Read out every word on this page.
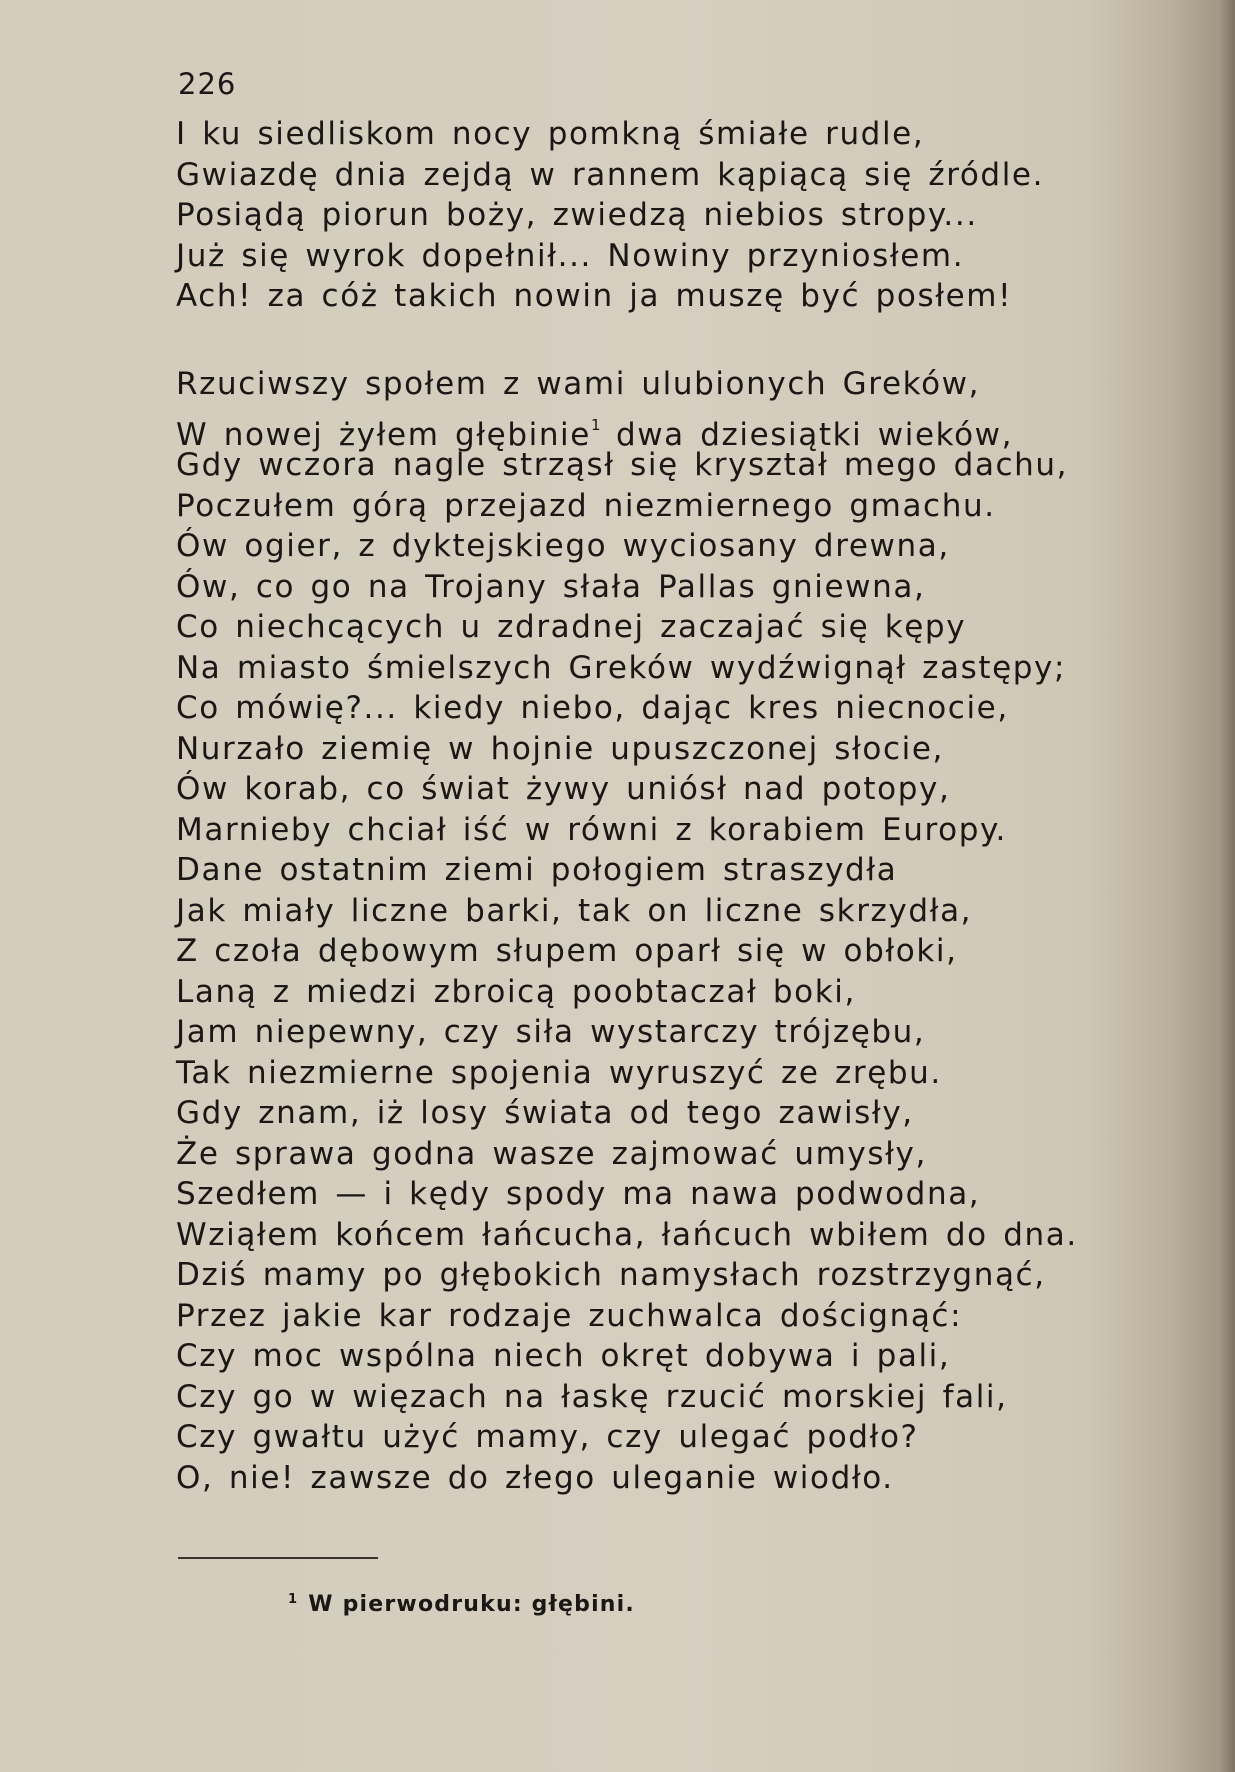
226
I ku siedliskom nocy pomkną śmiałe rudle,
Gwiazdę dnia zejdą w rannem kąpiącą się źródle.
Posiądą piorun boży, zwiedzą niebios stropy...
Już się wyrok dopełnił... Nowiny przyniosłem.
Ach! za cóż takich nowin ja muszę być posłem!
Rzuciwszy społem z wami ulubionych Greków,
W nowej żyłem głębinie$^1$ dwa dziesiątki wieków,
Gdy wczora nagle strząsł się kryształ mego dachu,
Poczułem górą przejazd niezmiernego gmachu.
Ów ogier, z dyktejskiego wyciosany drewna,
Ów, co go na Trojany słała Pallas gniewna,
Co niechcących u zdradnej zaczajać się kępy
Na miasto śmielszych Greków wydźwignął zastępy;
Co mówię?... kiedy niebo, dając kres niecnocie,
Nurzało ziemię w hojnie upuszczonej słocie,
Ów korab, co świat żywy uniósł nad potopy,
Marnieby chciał iść w równi z korabiem Europy.
Dane ostatnim ziemi połogiem straszydła
Jak miały liczne barki, tak on liczne skrzydła,
Z czoła dębowym słupem oparł się w obłoki,
Laną z miedzi zbroicą poobtaczał boki,
Jam niepewny, czy siła wystarczy trójzębu,
Tak niezmierne spojenia wyruszyć ze zrębu.
Gdy znam, iż losy świata od tego zawisły,
Że sprawa godna wasze zajmować umysły,
Szedłem — i kędy spody ma nawa podwodna,
Wziąłem końcem łańcucha, łańcuch wbiłem do dna.
Dziś mamy po głębokich namysłach rozstrzygnąć,
Przez jakie kar rodzaje zuchwalca doścignąć:
Czy moc wspólna niech okręt dobywa i pali,
Czy go w więzach na łaskę rzucić morskiej fali,
Czy gwałtu użyć mamy, czy ulegać podło?
O, nie! zawsze do złego uleganie wiodło.
$^1$ W pierwodruku: głębini.
